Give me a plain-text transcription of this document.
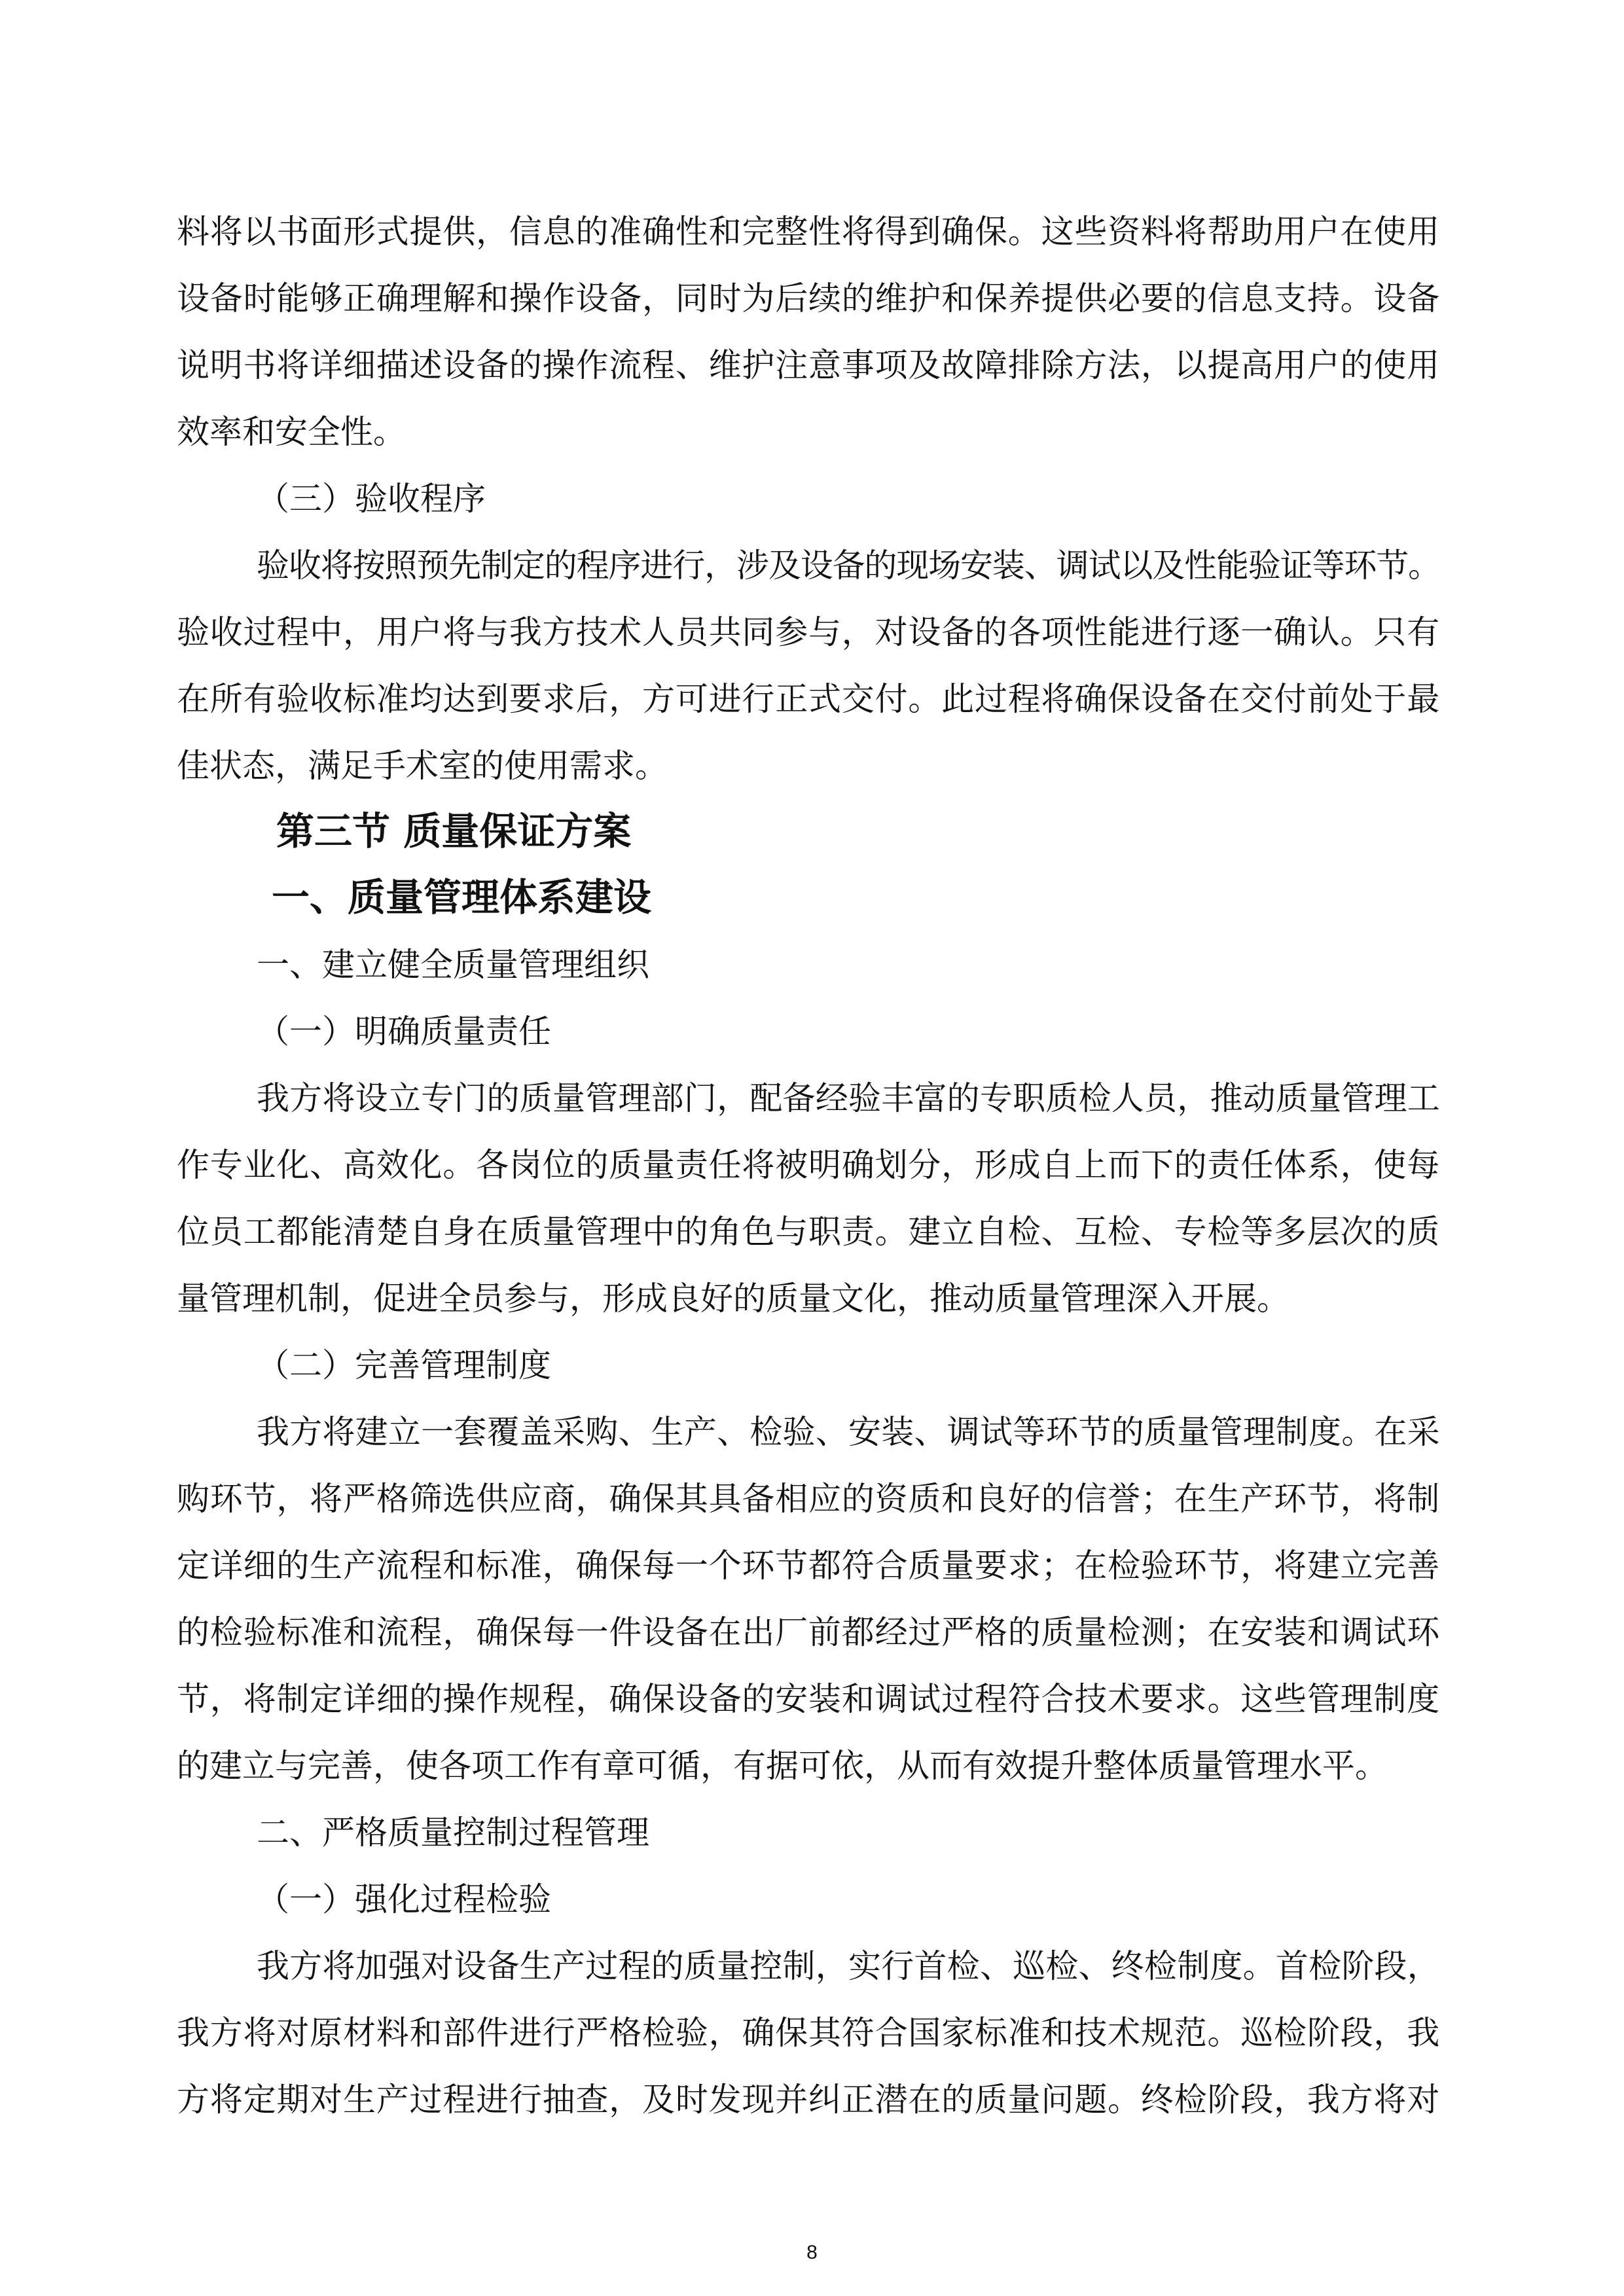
料将以书面形式提供，信息的准确性和完整性将得到确保。这些资料将帮助用户在使用
设备时能够正确理解和操作设备，同时为后续的维护和保养提供必要的信息支持。设备
说明书将详细描述设备的操作流程、维护注意事项及故障排除方法，以提高用户的使用
效率和安全性。
（三）验收程序
验收将按照预先制定的程序进行，涉及设备的现场安装、调试以及性能验证等环节。
验收过程中，用户将与我方技术人员共同参与，对设备的各项性能进行逐一确认。只有
在所有验收标准均达到要求后，方可进行正式交付。此过程将确保设备在交付前处于最
佳状态，满足手术室的使用需求。
第三节 质量保证方案
一、质量管理体系建设
一、建立健全质量管理组织
（一）明确质量责任
我方将设立专门的质量管理部门，配备经验丰富的专职质检人员，推动质量管理工
作专业化、高效化。各岗位的质量责任将被明确划分，形成自上而下的责任体系，使每
位员工都能清楚自身在质量管理中的角色与职责。建立自检、互检、专检等多层次的质
量管理机制，促进全员参与，形成良好的质量文化，推动质量管理深入开展。
（二）完善管理制度
我方将建立一套覆盖采购、生产、检验、安装、调试等环节的质量管理制度。在采
购环节，将严格筛选供应商，确保其具备相应的资质和良好的信誉；在生产环节，将制
定详细的生产流程和标准，确保每一个环节都符合质量要求；在检验环节，将建立完善
的检验标准和流程，确保每一件设备在出厂前都经过严格的质量检测；在安装和调试环
节，将制定详细的操作规程，确保设备的安装和调试过程符合技术要求。这些管理制度
的建立与完善，使各项工作有章可循，有据可依，从而有效提升整体质量管理水平。
二、严格质量控制过程管理
（一）强化过程检验
我方将加强对设备生产过程的质量控制，实行首检、巡检、终检制度。首检阶段，
我方将对原材料和部件进行严格检验，确保其符合国家标准和技术规范。巡检阶段，我
方将定期对生产过程进行抽查，及时发现并纠正潜在的质量问题。终检阶段，我方将对
8
